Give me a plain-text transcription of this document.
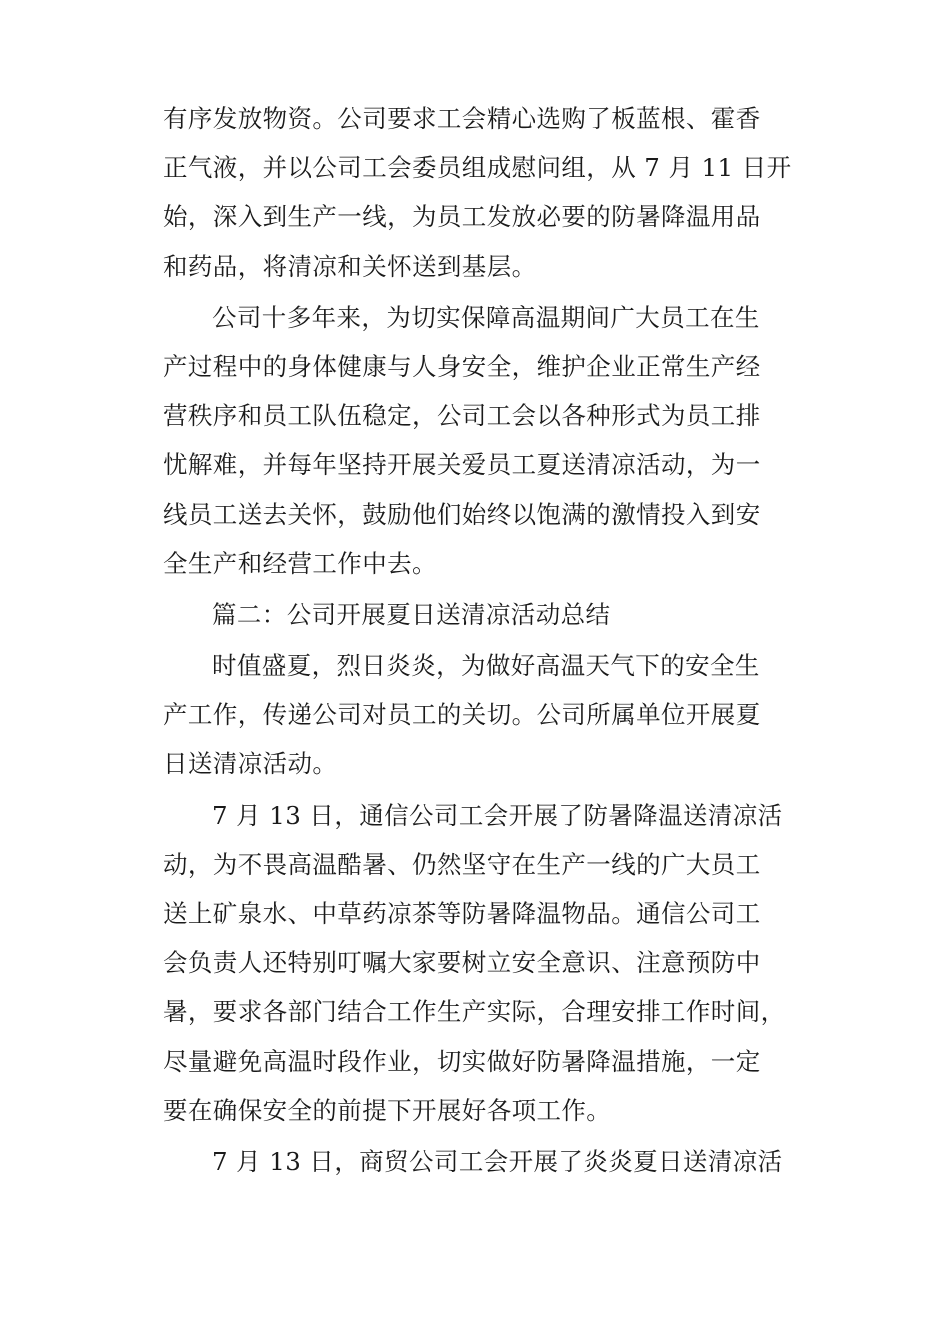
有序发放物资。公司要求工会精心选购了板蓝根、霍香
正气液，并以公司工会委员组成慰问组，从 7 月 11 日开
始，深入到生产一线，为员工发放必要的防暑降温用品
和药品，将清凉和关怀送到基层。
公司十多年来，为切实保障高温期间广大员工在生
产过程中的身体健康与人身安全，维护企业正常生产经
营秩序和员工队伍稳定，公司工会以各种形式为员工排
忧解难，并每年坚持开展关爱员工夏送清凉活动，为一
线员工送去关怀，鼓励他们始终以饱满的激情投入到安
全生产和经营工作中去。
篇二：公司开展夏日送清凉活动总结
时值盛夏，烈日炎炎，为做好高温天气下的安全生
产工作，传递公司对员工的关切。公司所属单位开展夏
日送清凉活动。
7 月 13 日，通信公司工会开展了防暑降温送清凉活
动，为不畏高温酷暑、仍然坚守在生产一线的广大员工
送上矿泉水、中草药凉茶等防暑降温物品。通信公司工
会负责人还特别叮嘱大家要树立安全意识、注意预防中
暑，要求各部门结合工作生产实际，合理安排工作时间，
尽量避免高温时段作业，切实做好防暑降温措施，一定
要在确保安全的前提下开展好各项工作。
7 月 13 日，商贸公司工会开展了炎炎夏日送清凉活
